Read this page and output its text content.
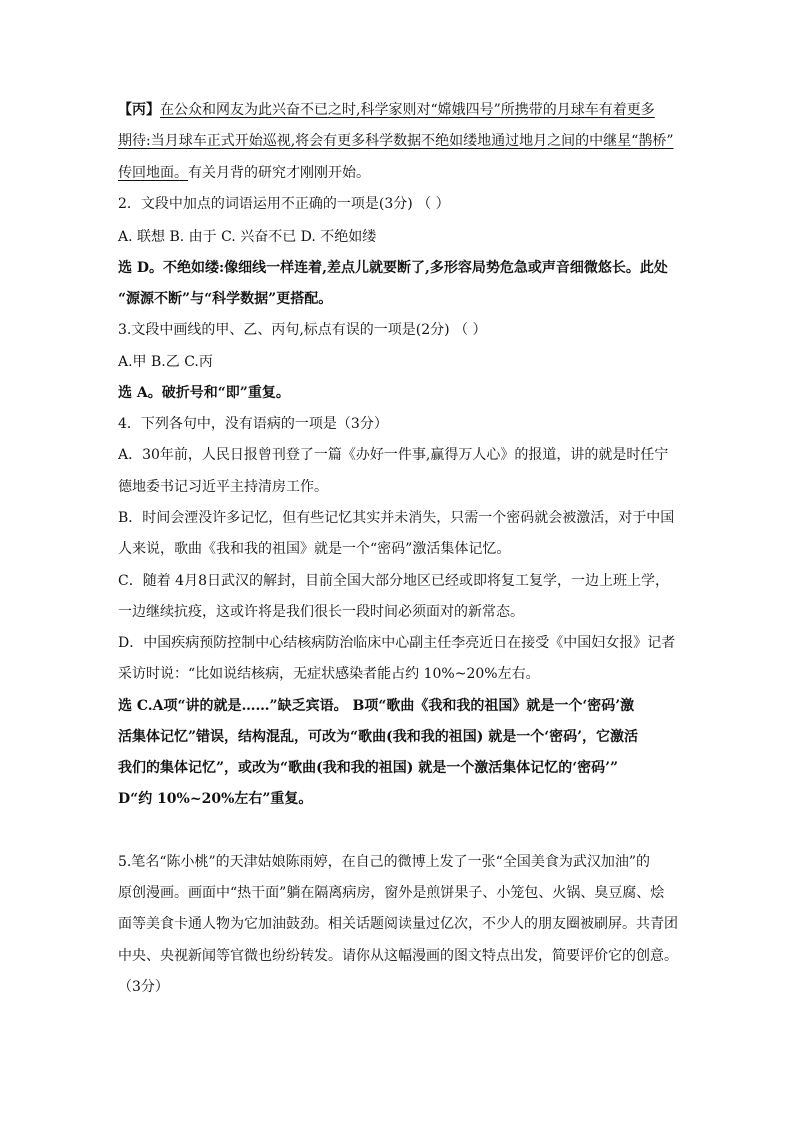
【丙】在公众和网友为此兴奋不已之时,科学家则对“嫦娥四号”所携带的月球车有着更多
期待:当月球车正式开始巡视,将会有更多科学数据不绝如缕地通过地月之间的中继星“鹊桥”
传回地面。有关月背的研究才刚刚开始。
2．文段中加点的词语运用不正确的一项是(3分) （ ）
A. 联想 B. 由于 C. 兴奋不已 D. 不绝如缕
选 D。不绝如缕:像细线一样连着,差点儿就要断了,多形容局势危急或声音细微悠长。此处
“源源不断”与“科学数据”更搭配。
3.文段中画线的甲、乙、丙句,标点有误的一项是(2分) （ ）
A.甲 B.乙 C.丙
选 A。破折号和“即”重复。
4．下列各句中，没有语病的一项是（3分）
A．30年前，人民日报曾刊登了一篇《办好一件事,赢得万人心》的报道，讲的就是时任宁
德地委书记习近平主持清房工作。
B．时间会湮没许多记忆，但有些记忆其实并未消失，只需一个密码就会被激活，对于中国
人来说，歌曲《我和我的祖国》就是一个“密码”激活集体记忆。
C．随着 4月8日武汉的解封，目前全国大部分地区已经或即将复工复学，一边上班上学，
一边继续抗疫，这或许将是我们很长一段时间必须面对的新常态。
D．中国疾病预防控制中心结核病防治临床中心副主任李亮近日在接受《中国妇女报》记者
采访时说：“比如说结核病，无症状感染者能占约 10%~20%左右。
选 C.A项“讲的就是……”缺乏宾语。 B项“歌曲《我和我的祖国》就是一个‘密码’激
活集体记忆”错误，结构混乱，可改为“歌曲(我和我的祖国) 就是一个‘密码’，它激活
我们的集体记忆”，或改为“歌曲(我和我的祖国) 就是一个激活集体记忆的‘密码’”
D“约 10%~20%左右”重复。
5.笔名“陈小桃”的天津姑娘陈雨婷，在自己的微博上发了一张“全国美食为武汉加油”的
原创漫画。画面中“热干面”躺在隔离病房，窗外是煎饼果子、小笼包、火锅、臭豆腐、烩
面等美食卡通人物为它加油鼓劲。相关话题阅读量过亿次，不少人的朋友圈被刷屏。共青团
中央、央视新闻等官微也纷纷转发。请你从这幅漫画的图文特点出发，简要评价它的创意。
（3分）
